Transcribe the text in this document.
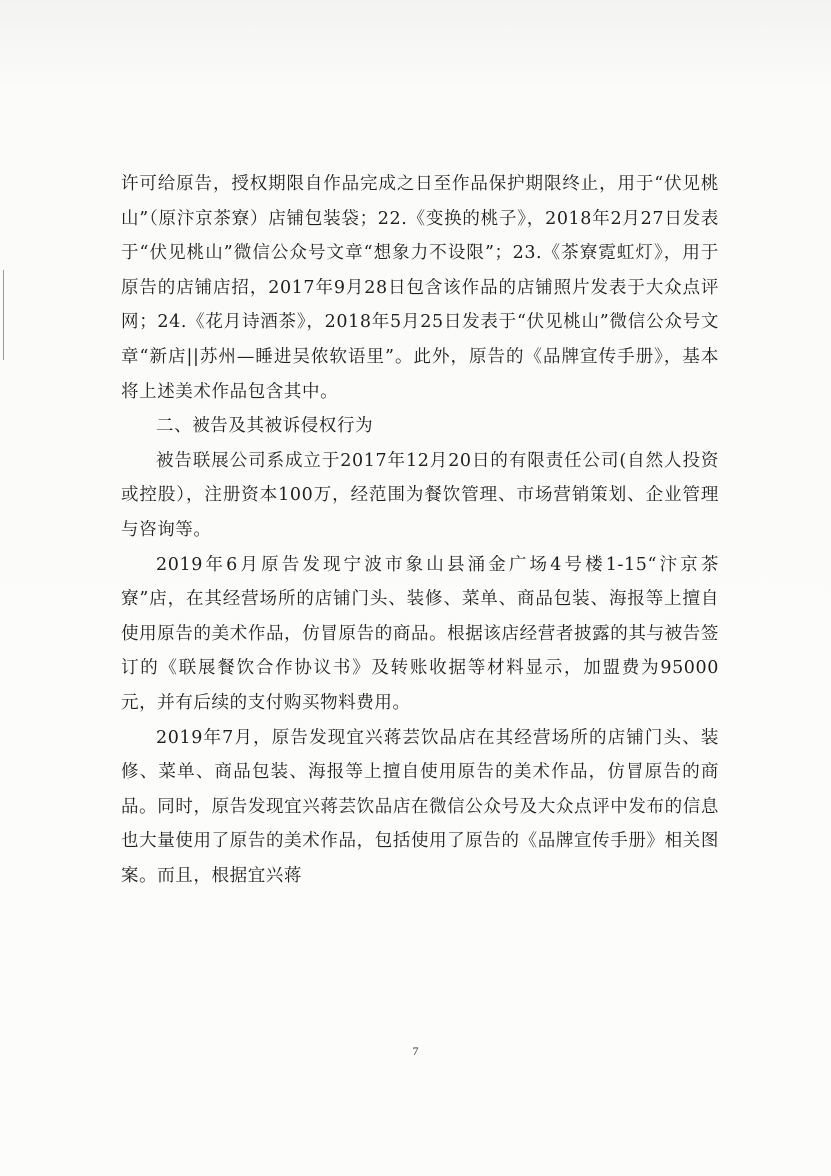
许可给原告，授权期限自作品完成之日至作品保护期限终止，用于“伏见桃山”（原汴京茶寮）店铺包装袋；22.《变换的桃子》，2018年2月27日发表于“伏见桃山”微信公众号文章“想象力不设限”；23.《茶寮霓虹灯》，用于原告的店铺店招，2017年9月28日包含该作品的店铺照片发表于大众点评网；24.《花月诗酒茶》，2018年5月25日发表于“伏见桃山”微信公众号文章“新店||苏州—睡进吴侬软语里”。此外，原告的《品牌宣传手册》，基本将上述美术作品包含其中。

二、被告及其被诉侵权行为

被告联展公司系成立于2017年12月20日的有限责任公司(自然人投资或控股），注册资本100万，经范围为餐饮管理、市场营销策划、企业管理与咨询等。

2019年6月原告发现宁波市象山县涌金广场4号楼1-15“汴京茶寮”店，在其经营场所的店铺门头、装修、菜单、商品包装、海报等上擅自使用原告的美术作品，仿冒原告的商品。根据该店经营者披露的其与被告签订的《联展餐饮合作协议书》及转账收据等材料显示，加盟费为95000元，并有后续的支付购买物料费用。

2019年7月，原告发现宜兴蒋芸饮品店在其经营场所的店铺门头、装修、菜单、商品包装、海报等上擅自使用原告的美术作品，仿冒原告的商品。同时，原告发现宜兴蒋芸饮品店在微信公众号及大众点评中发布的信息也大量使用了原告的美术作品，包括使用了原告的《品牌宣传手册》相关图案。而且，根据宜兴蒋

7
